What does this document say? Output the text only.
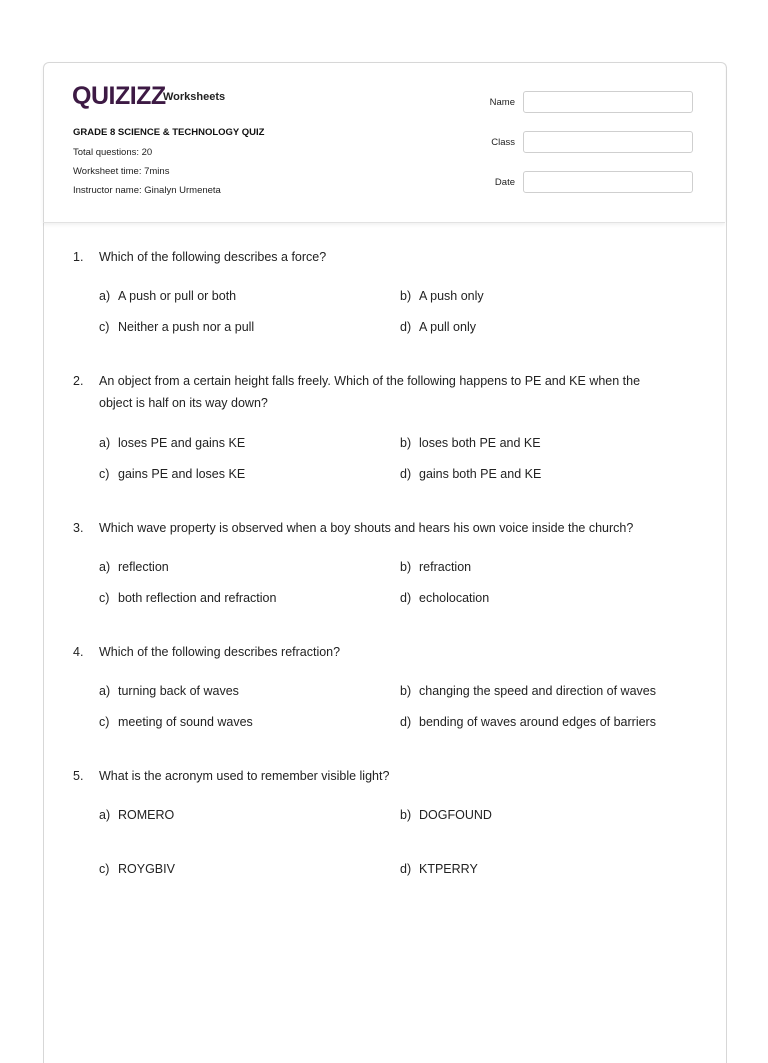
QUIZIZZ
Worksheets
GRADE 8 SCIENCE & TECHNOLOGY QUIZ
Total questions: 20
Worksheet time: 7mins
Instructor name: Ginalyn Urmeneta
Name
Class
Date
1. Which of the following describes a force?
a) A push or pull or both	b) A push only
c) Neither a push nor a pull	d) A pull only
2. An object from a certain height falls freely. Which of the following happens to PE and KE when the object is half on its way down?
a) loses PE and gains KE	b) loses both PE and KE
c) gains PE and loses KE	d) gains both PE and KE
3. Which wave property is observed when a boy shouts and hears his own voice inside the church?
a) reflection	b) refraction
c) both reflection and refraction	d) echolocation
4. Which of the following describes refraction?
a) turning back of waves	b) changing the speed and direction of waves
c) meeting of sound waves	d) bending of waves around edges of barriers
5. What is the acronym used to remember visible light?
a) ROMERO	b) DOGFOUND
c) ROYGBIV	d) KTPERRY
